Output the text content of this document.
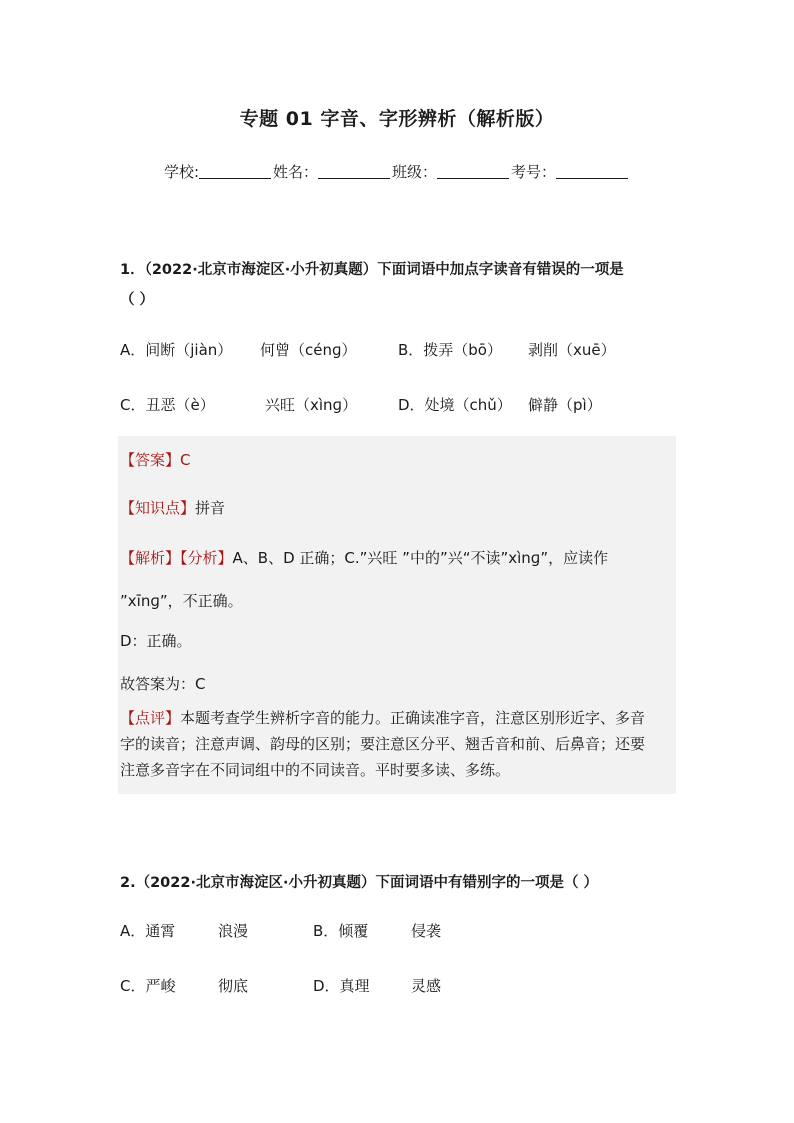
专题 01 字音、字形辨析（解析版）
学校:	姓名：	班级：	考号：
1．（2022·北京市海淀区·小升初真题）下面词语中加点字读音有错误的一项是
（ ）
A．间断（jiàn） 何曾（cénɡ）	B．拨弄（bō） 剥削（xuē）
C．丑恶（è）	兴旺（xìnɡ）	D．处境（chǔ） 僻静（pì）
【答案】C
【知识点】拼音
【解析】【分析】A、B、D 正确；C.”兴旺 ”中的”兴“不读”xìnɡ”，应读作
”xīnɡ”，不正确。
D：正确。
故答案为：C
【点评】本题考查学生辨析字音的能力。正确读准字音，注意区别形近字、多音
字的读音；注意声调、韵母的区别；要注意区分平、翘舌音和前、后鼻音；还要
注意多音字在不同词组中的不同读音。平时要多读、多练。
2.（2022·北京市海淀区·小升初真题）下面词语中有错别字的一项是（ ）
A．通霄	浪漫	B．倾覆	侵袭
C．严峻	彻底	D．真理	灵感
